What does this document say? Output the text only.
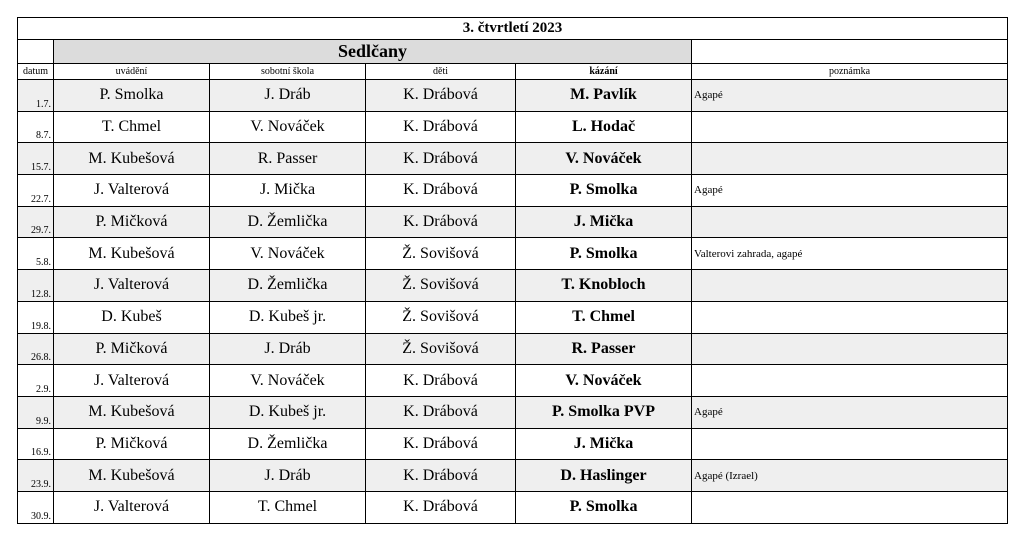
3. čtvrtletí 2023					
	Sedlčany				
datum	uvádění	sobotní škola	děti	kázání	poznámka
1.7.	P. Smolka	J. Dráb	K. Drábová	M. Pavlík	Agapé
8.7.	T. Chmel	V. Nováček	K. Drábová	L. Hodač	
15.7.	M. Kubešová	R. Passer	K. Drábová	V. Nováček	
22.7.	J. Valterová	J. Mička	K. Drábová	P. Smolka	Agapé
29.7.	P. Mičková	D. Žemlička	K. Drábová	J. Mička	
5.8.	M. Kubešová	V. Nováček	Ž. Sovišová	P. Smolka	Valterovi zahrada, agapé
12.8.	J. Valterová	D. Žemlička	Ž. Sovišová	T. Knobloch	
19.8.	D. Kubeš	D. Kubeš jr.	Ž. Sovišová	T. Chmel	
26.8.	P. Mičková	J. Dráb	Ž. Sovišová	R. Passer	
2.9.	J. Valterová	V. Nováček	K. Drábová	V. Nováček	
9.9.	M. Kubešová	D. Kubeš jr.	K. Drábová	P. Smolka PVP	Agapé
16.9.	P. Mičková	D. Žemlička	K. Drábová	J. Mička	
23.9.	M. Kubešová	J. Dráb	K. Drábová	D. Haslinger	Agapé (Izrael)
30.9.	J. Valterová	T. Chmel	K. Drábová	P. Smolka	
